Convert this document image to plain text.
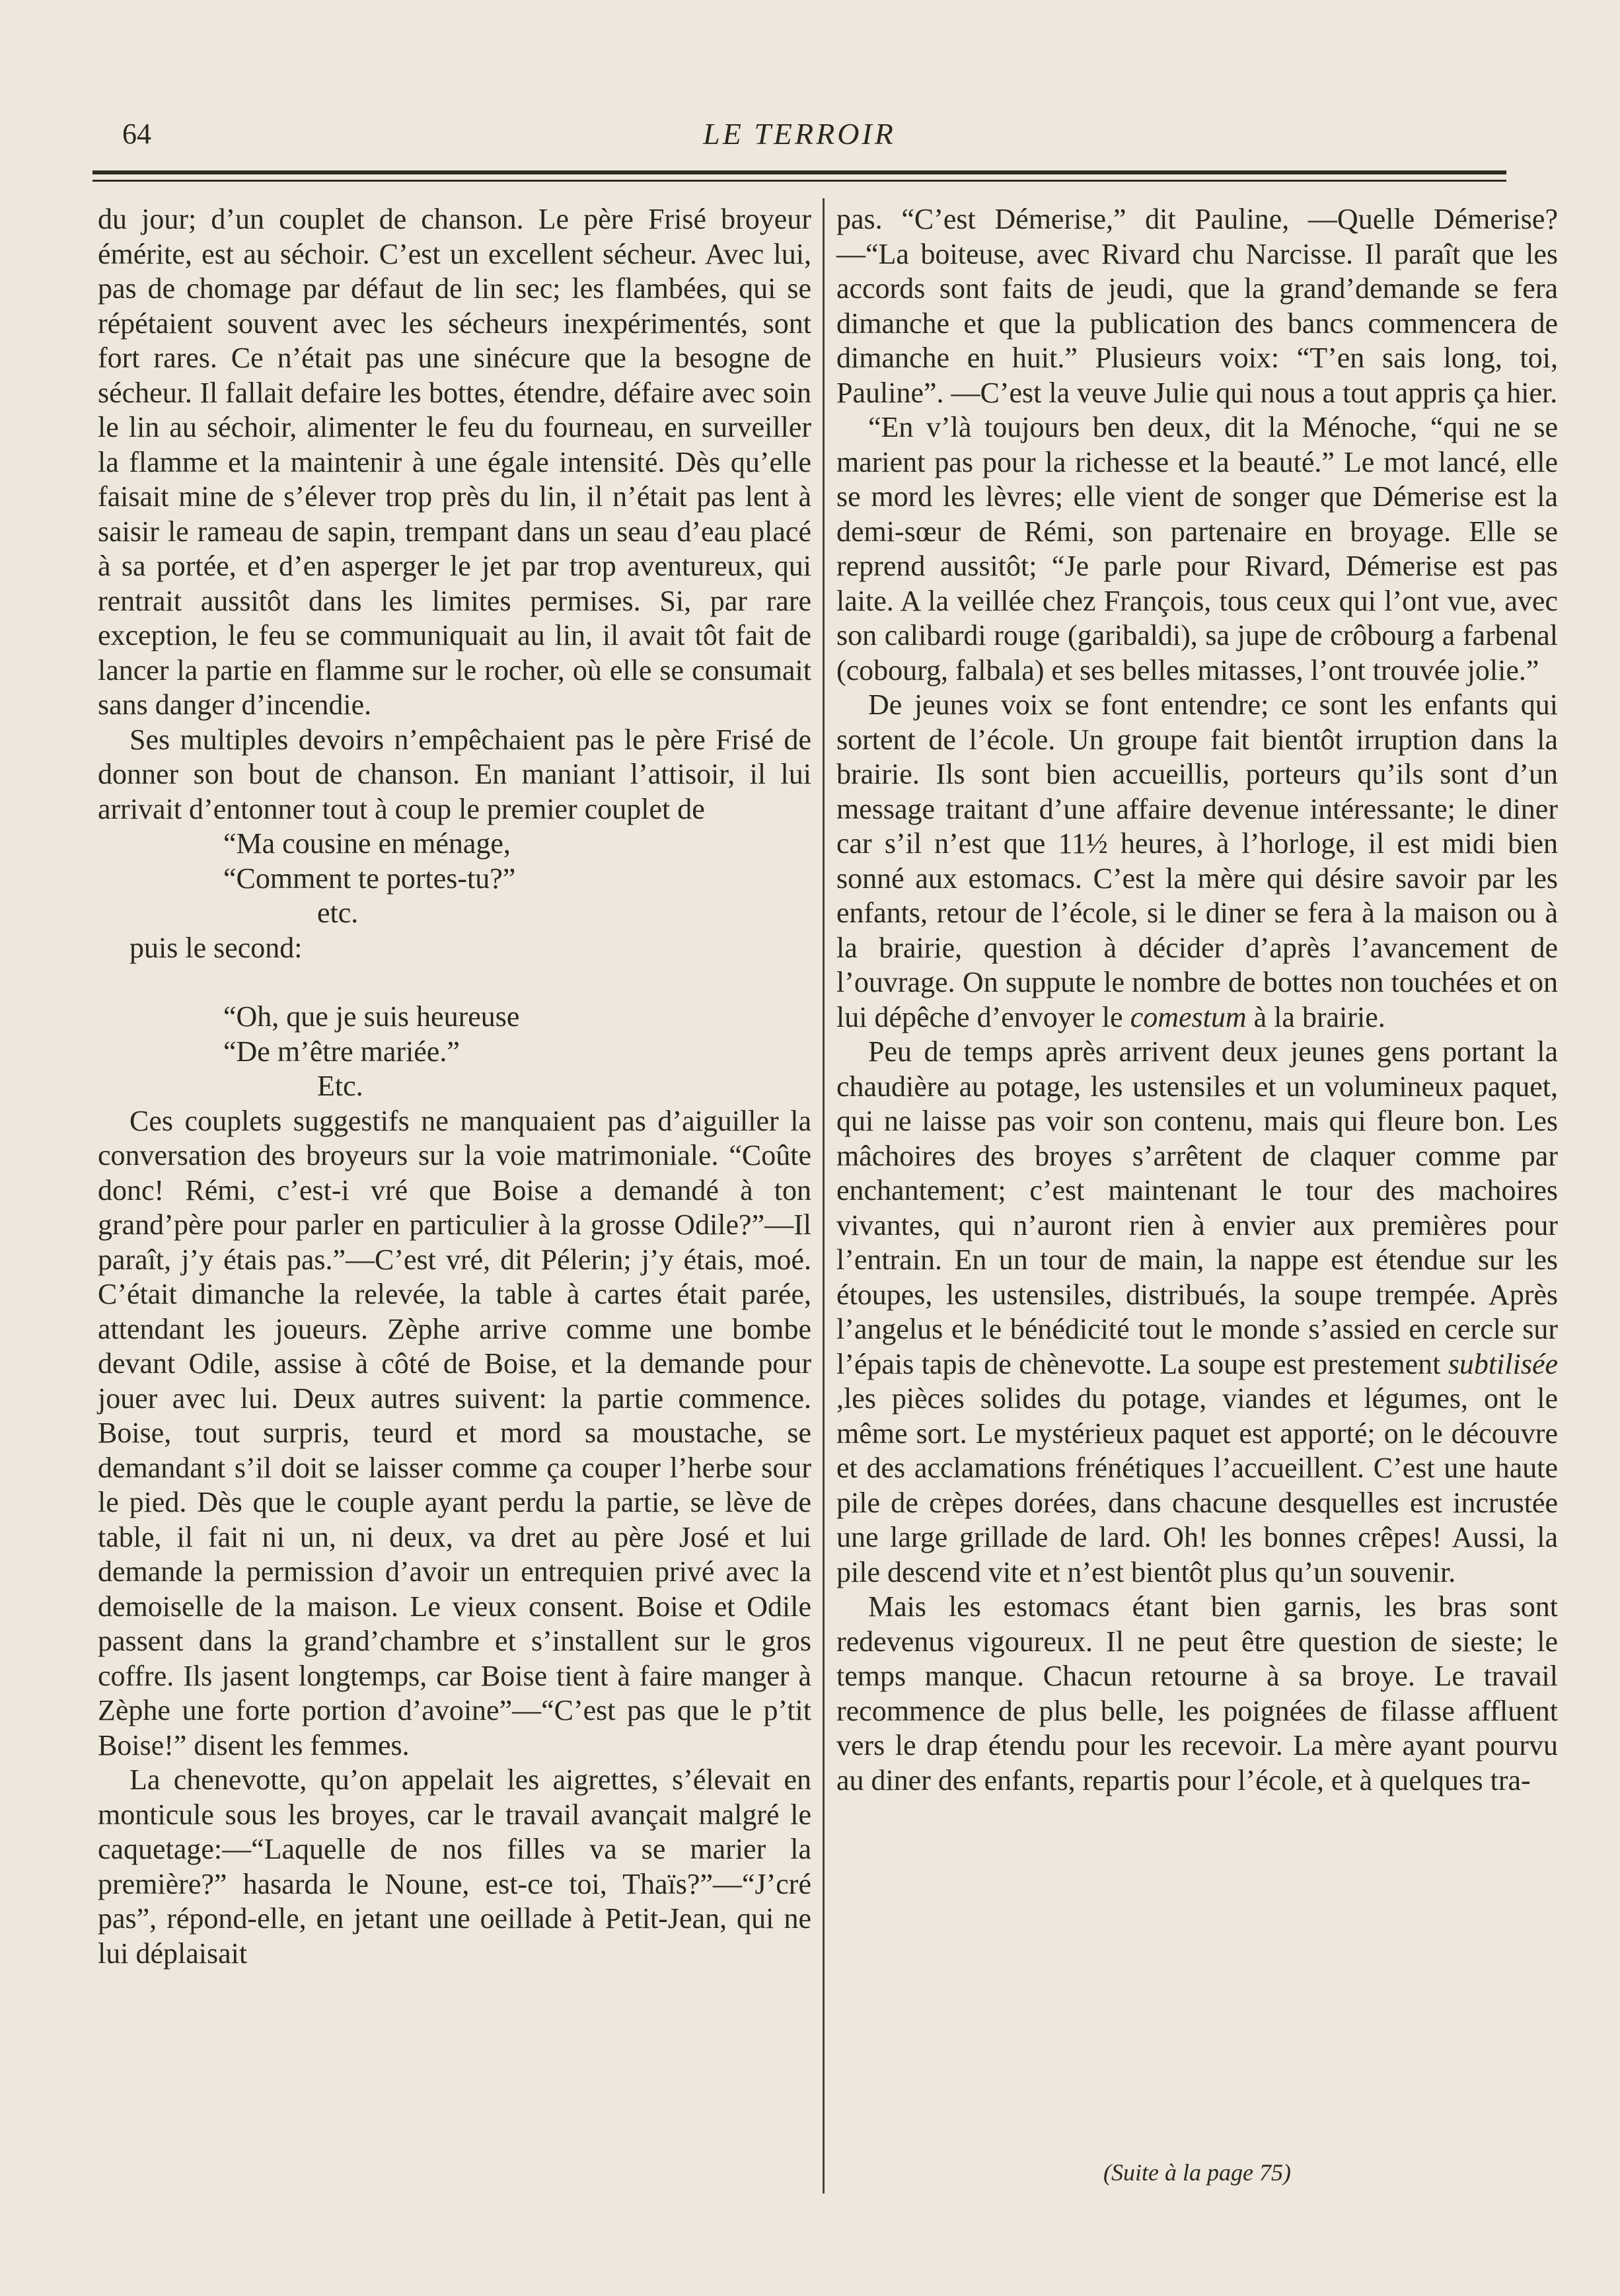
64	LE TERROIR

du jour; d’un couplet de chanson. Le père Frisé broyeur émérite, est au séchoir. C’est un excellent sécheur. Avec lui, pas de chomage par défaut de lin sec; les flambées, qui se répétaient souvent avec les sécheurs inexpérimentés, sont fort rares. Ce n’était pas une sinécure que la besogne de sécheur. Il fallait defaire les bottes, étendre, défaire avec soin le lin au séchoir, alimenter le feu du fourneau, en surveiller la flamme et la maintenir à une égale intensité. Dès qu’elle faisait mine de s’élever trop près du lin, il n’était pas lent à saisir le rameau de sapin, trempant dans un seau d’eau placé à sa portée, et d’en asperger le jet par trop aventureux, qui rentrait aussitôt dans les limites permises. Si, par rare exception, le feu se communiquait au lin, il avait tôt fait de lancer la partie en flamme sur le rocher, où elle se consumait sans danger d’incendie.

Ses multiples devoirs n’empêchaient pas le père Frisé de donner son bout de chanson. En maniant l’attisoir, il lui arrivait d’entonner tout à coup le premier couplet de

“Ma cousine en ménage,
“Comment te portes-tu?”
etc.

puis le second:

“Oh, que je suis heureuse
“De m’être mariée.”
Etc.

Ces couplets suggestifs ne manquaient pas d’aiguiller la conversation des broyeurs sur la voie matrimoniale. “Coûte donc! Rémi, c’est-i vré que Boise a demandé à ton grand’père pour parler en particulier à la grosse Odile?”—Il paraît, j’y étais pas.”—C’est vré, dit Pélerin; j’y étais, moé. C’était dimanche la relevée, la table à cartes était parée, attendant les joueurs. Zèphe arrive comme une bombe devant Odile, assise à côté de Boise, et la demande pour jouer avec lui. Deux autres suivent: la partie commence. Boise, tout surpris, teurd et mord sa moustache, se demandant s’il doit se laisser comme ça couper l’herbe sour le pied. Dès que le couple ayant perdu la partie, se lève de table, il fait ni un, ni deux, va dret au père José et lui demande la permission d’avoir un entrequien privé avec la demoiselle de la maison. Le vieux consent. Boise et Odile passent dans la grand’chambre et s’installent sur le gros coffre. Ils jasent longtemps, car Boise tient à faire manger à Zèphe une forte portion d’avoine”—“C’est pas que le p’tit Boise!” disent les femmes.

La chenevotte, qu’on appelait les aigrettes, s’élevait en monticule sous les broyes, car le travail avançait malgré le caquetage:—“Laquelle de nos filles va se marier la première?” hasarda le Noune, est-ce toi, Thaïs?”—“J’cré pas”, répond-elle, en jetant une oeillade à Petit-Jean, qui ne lui déplaisait

pas. “C’est Démerise,” dit Pauline, —Quelle Démerise?—“La boiteuse, avec Rivard chu Narcisse. Il paraît que les accords sont faits de jeudi, que la grand’demande se fera dimanche et que la publication des bancs commencera de dimanche en huit.” Plusieurs voix: “T’en sais long, toi, Pauline”. —C’est la veuve Julie qui nous a tout appris ça hier.

“En v’là toujours ben deux, dit la Ménoche, “qui ne se marient pas pour la richesse et la beauté.” Le mot lancé, elle se mord les lèvres; elle vient de songer que Démerise est la demi-sœur de Rémi, son partenaire en broyage. Elle se reprend aussitôt; “Je parle pour Rivard, Démerise est pas laite. A la veillée chez François, tous ceux qui l’ont vue, avec son calibardi rouge (garibaldi), sa jupe de crôbourg a farbenal (cobourg, falbala) et ses belles mitasses, l’ont trouvée jolie.”

De jeunes voix se font entendre; ce sont les enfants qui sortent de l’école. Un groupe fait bientôt irruption dans la brairie. Ils sont bien accueillis, porteurs qu’ils sont d’un message traitant d’une affaire devenue intéressante; le diner car s’il n’est que 11½ heures, à l’horloge, il est midi bien sonné aux estomacs. C’est la mère qui désire savoir par les enfants, retour de l’école, si le diner se fera à la maison ou à la brairie, question à décider d’après l’avancement de l’ouvrage. On suppute le nombre de bottes non touchées et on lui dépêche d’envoyer le comestum à la brairie.

Peu de temps après arrivent deux jeunes gens portant la chaudière au potage, les ustensiles et un volumineux paquet, qui ne laisse pas voir son contenu, mais qui fleure bon. Les mâchoires des broyes s’arrêtent de claquer comme par enchantement; c’est maintenant le tour des machoires vivantes, qui n’auront rien à envier aux premières pour l’entrain. En un tour de main, la nappe est étendue sur les étoupes, les ustensiles, distribués, la soupe trempée. Après l’angelus et le bénédicité tout le monde s’assied en cercle sur l’épais tapis de chènevotte. La soupe est prestement subtilisée ,les pièces solides du potage, viandes et légumes, ont le même sort. Le mystérieux paquet est apporté; on le découvre et des acclamations frénétiques l’accueillent. C’est une haute pile de crèpes dorées, dans chacune desquelles est incrustée une large grillade de lard. Oh! les bonnes crêpes! Aussi, la pile descend vite et n’est bientôt plus qu’un souvenir.

Mais les estomacs étant bien garnis, les bras sont redevenus vigoureux. Il ne peut être question de sieste; le temps manque. Chacun retourne à sa broye. Le travail recommence de plus belle, les poignées de filasse affluent vers le drap étendu pour les recevoir. La mère ayant pourvu au diner des enfants, repartis pour l’école, et à quelques tra-

(Suite à la page 75)
